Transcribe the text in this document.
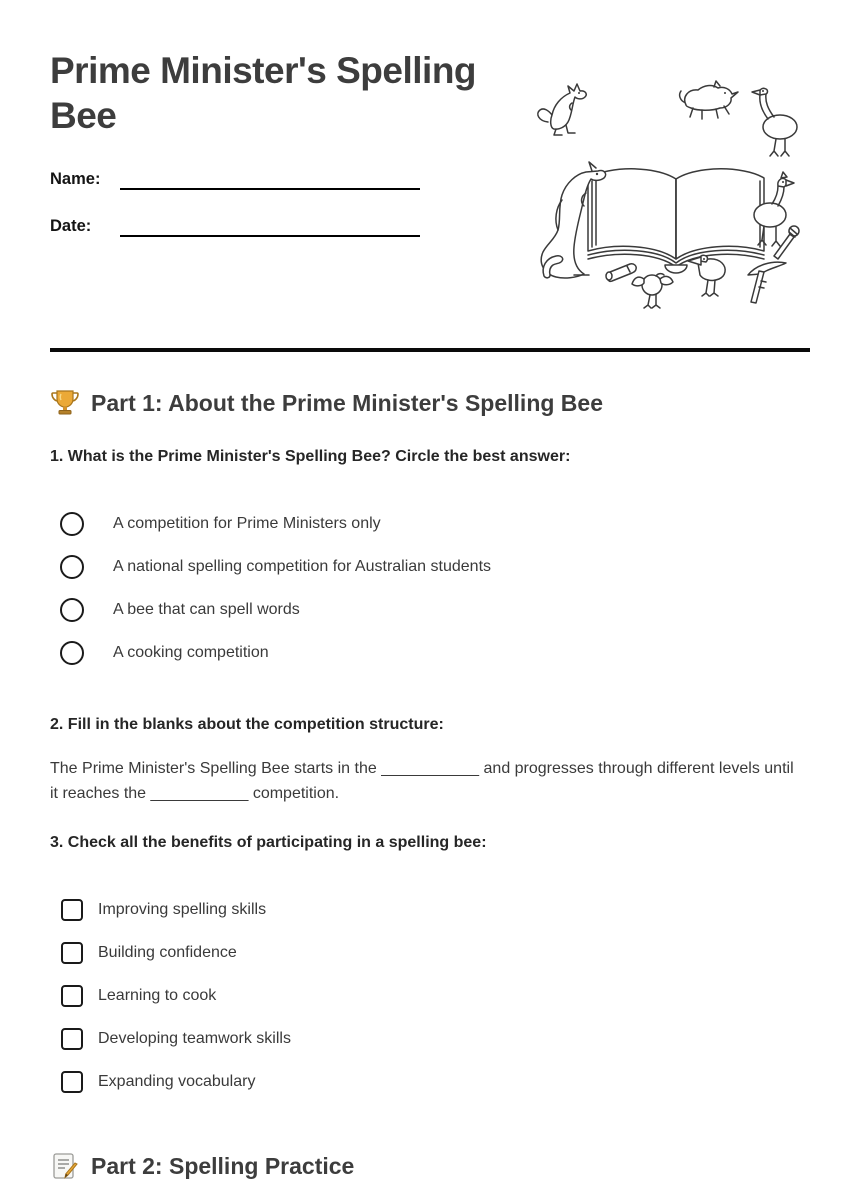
Prime Minister's Spelling Bee
Name:
Date:
Part 1: About the Prime Minister's Spelling Bee
1. What is the Prime Minister's Spelling Bee? Circle the best answer:
A competition for Prime Ministers only
A national spelling competition for Australian students
A bee that can spell words
A cooking competition
2. Fill in the blanks about the competition structure:
The Prime Minister's Spelling Bee starts in the ___________ and progresses through different levels until it reaches the ___________ competition.
3. Check all the benefits of participating in a spelling bee:
Improving spelling skills
Building confidence
Learning to cook
Developing teamwork skills
Expanding vocabulary
Part 2: Spelling Practice
